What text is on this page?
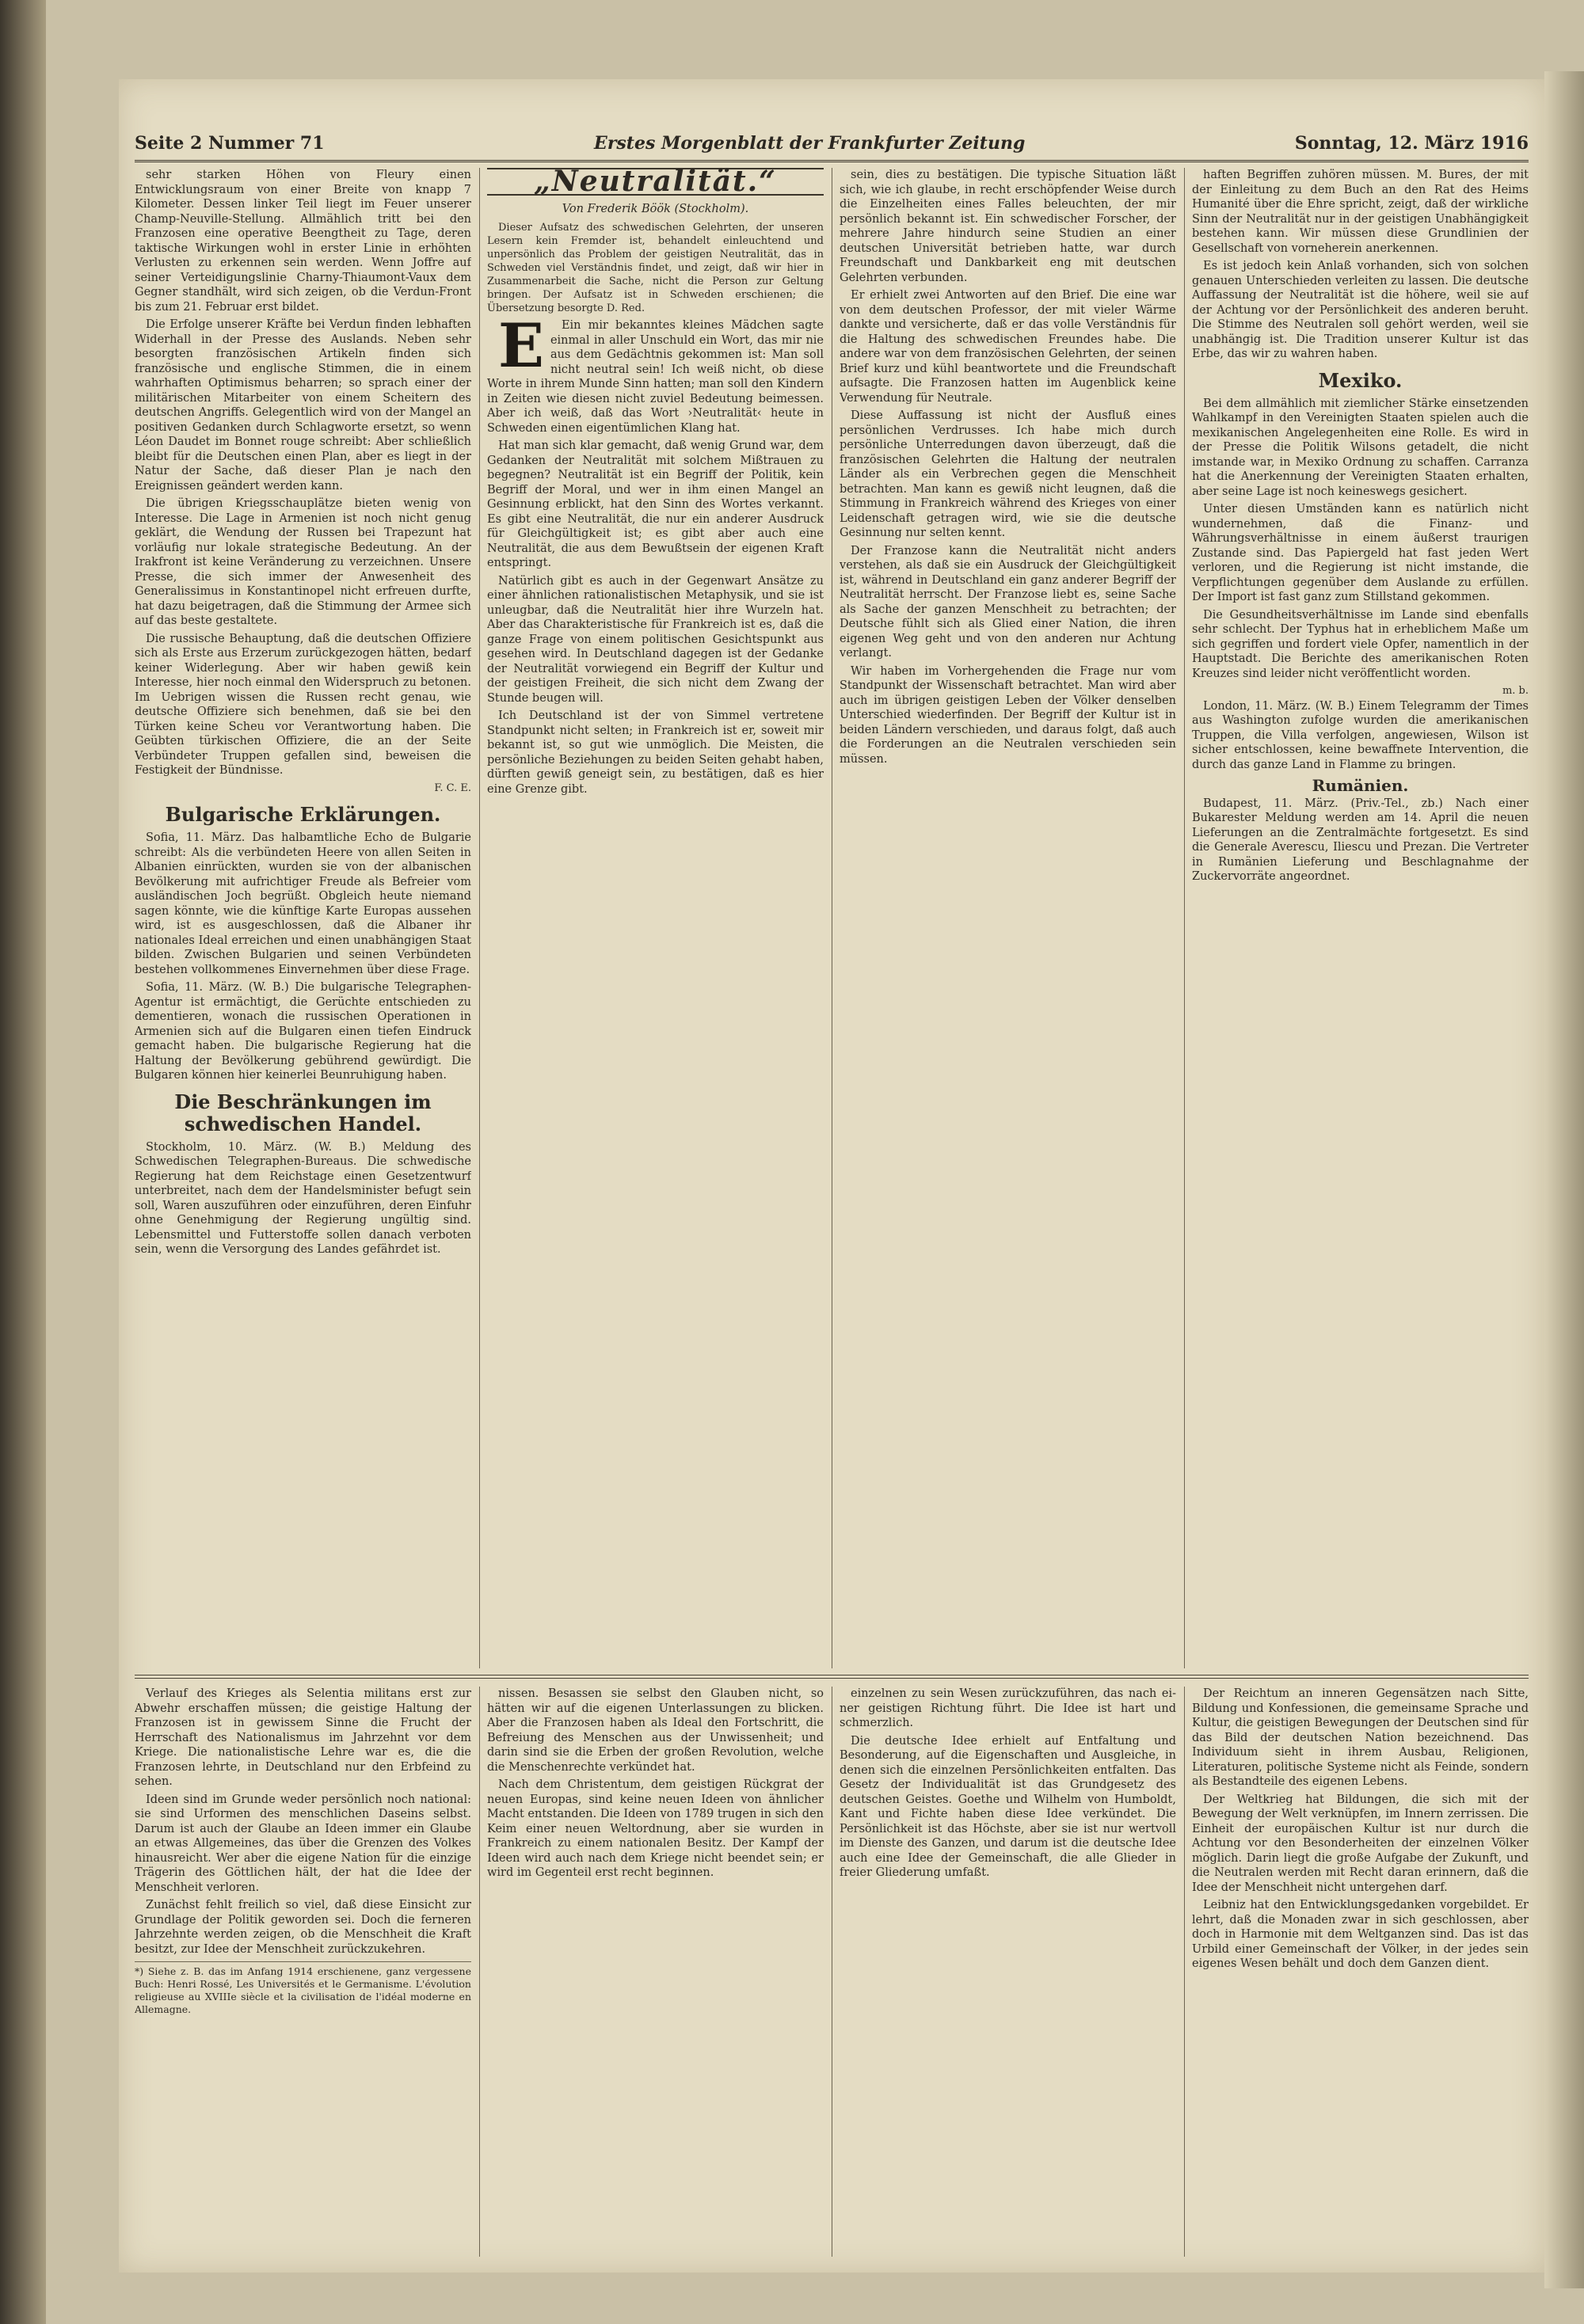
Seite 2 Nummer 71	Erstes Morgenblatt der Frankfurter Zeitung	Sonntag, 12. März 1916

sehr starken Höhen von Fleury einen Entwicklungsraum von einer Breite von knapp 7 Kilometer. Dessen linker Teil liegt im Feuer unserer Champ-Neuville-Stellung. Allmählich tritt bei den Franzosen eine operative Beengtheit zu Tage, deren taktische Wirkungen wohl in erster Linie in erhöhten Verlusten zu erkennen sein werden. Wenn Joffre auf seiner Verteidigungslinie Charny-Thiaumont-Vaux dem Gegner standhält, wird sich zeigen, ob die Verdun-Front bis zum 21. Februar erst bildet.

Die Erfolge unserer Kräfte bei Verdun finden lebhaften Widerhall in der Presse des Auslands. Neben sehr besorgten französischen Artikeln finden sich französische und englische Stimmen, die in einem wahrhaften Optimismus beharren; so sprach einer der militärischen Mitarbeiter von einem Scheitern des deutschen Angriffs. Gelegentlich wird von der Mangel an positiven Gedanken durch Schlagworte ersetzt, so wenn Léon Daudet im Bonnet rouge schreibt: Aber schließlich bleibt für die Deutschen einen Plan, aber es liegt in der Natur der Sache, daß dieser Plan je nach den Ereignissen geändert werden kann.

Die übrigen Kriegsschauplätze bieten wenig von Interesse. Die Lage in Armenien ist noch nicht genug geklärt, die Wendung der Russen bei Trapezunt hat vorläufig nur lokale strategische Bedeutung. An der Irakfront ist keine Veränderung zu verzeichnen. Unsere Presse, die sich immer der Anwesenheit des Generalissimus in Konstantinopel nicht erfreuen durfte, hat dazu beigetragen, daß die Stimmung der Armee sich auf das beste gestaltete.

Die russische Behauptung, daß die deutschen Offiziere sich als Erste aus Erzerum zurückgezogen hätten, bedarf keiner Widerlegung. Aber wir haben gewiß kein Interesse, hier noch einmal den Widerspruch zu betonen. Im Uebrigen wissen die Russen recht genau, wie deutsche Offiziere sich benehmen, daß sie bei den Türken keine Scheu vor Verantwortung haben. Die Geübten türkischen Offiziere, die an der Seite Verbündeter Truppen gefallen sind, beweisen die Festigkeit der Bündnisse.

F. C. E.
Bulgarische Erklärungen.

Sofia, 11. März. Das halbamtliche Echo de Bulgarie schreibt: Als die verbündeten Heere von allen Seiten in Albanien einrückten, wurden sie von der albanischen Bevölkerung mit aufrichtiger Freude als Befreier vom ausländischen Joch begrüßt. Obgleich heute niemand sagen könnte, wie die künftige Karte Europas aussehen wird, ist es ausgeschlossen, daß die Albaner ihr nationales Ideal erreichen und einen unabhängigen Staat bilden. Zwischen Bulgarien und seinen Verbündeten bestehen vollkommenes Einvernehmen über diese Frage.

Sofia, 11. März. (W. B.) Die bulgarische Telegraphen-Agentur ist ermächtigt, die Gerüchte entschieden zu dementieren, wonach die russischen Operationen in Armenien sich auf die Bulgaren einen tiefen Eindruck gemacht haben. Die bulgarische Regierung hat die Haltung der Bevölkerung gebührend gewürdigt. Die Bulgaren können hier keinerlei Beunruhigung haben.

Die Beschränkungen im schwedischen Handel.

Stockholm, 10. März. (W. B.) Meldung des Schwedischen Telegraphen-Bureaus. Die schwedische Regierung hat dem Reichstage einen Gesetzentwurf unterbreitet, nach dem der Handelsminister befugt sein soll, Waren auszuführen oder einzuführen, deren Einfuhr ohne Genehmigung der Regierung ungültig sind. Lebensmittel und Futterstoffe sollen danach verboten sein, wenn die Versorgung des Landes gefährdet ist.

„Neutralität.“
Von Frederik Böök (Stockholm).

Dieser Aufsatz des schwedischen Gelehrten, der unseren Lesern kein Fremder ist, behandelt einleuchtend und unpersönlich das Problem der geistigen Neutralität, das in Schweden viel Verständnis findet, und zeigt, daß wir hier in Zusammenarbeit die Sache, nicht die Person zur Geltung bringen. Der Aufsatz ist in Schweden erschienen; die Übersetzung besorgte D. Red.

E Ein mir bekanntes kleines Mädchen sagte einmal in aller Unschuld ein Wort, das mir nie aus dem Gedächtnis gekommen ist: Man soll nicht neutral sein! Ich weiß nicht, ob diese Worte in ihrem Munde Sinn hatten; man soll den Kindern in Zeiten wie diesen nicht zuviel Bedeutung beimessen. Aber ich weiß, daß das Wort ›Neutralität‹ heute in Schweden einen eigentümlichen Klang hat.

Hat man sich klar gemacht, daß wenig Grund war, dem Gedanken der Neutralität mit solchem Mißtrauen zu begegnen? Neutralität ist ein Begriff der Politik, kein Begriff der Moral, und wer in ihm einen Mangel an Gesinnung erblickt, hat den Sinn des Wortes verkannt. Es gibt eine Neutralität, die nur ein anderer Ausdruck für Gleichgültigkeit ist; es gibt aber auch eine Neutralität, die aus dem Bewußtsein der eigenen Kraft entspringt.

Natürlich gibt es auch in der Gegenwart Ansätze zu einer ähnlichen rationalistischen Metaphysik, und sie ist unleugbar, daß die Neutralität hier ihre Wurzeln hat. Aber das Charakteristische für Frankreich ist es, daß die ganze Frage von einem politischen Gesichtspunkt aus gesehen wird. In Deutschland dagegen ist der Gedanke der Neutralität vorwiegend ein Begriff der Kultur und der geistigen Freiheit, die sich nicht dem Zwang der Stunde beugen will.

Ich Deutschland ist der von Simmel vertretene Standpunkt nicht selten; in Frankreich ist er, soweit mir bekannt ist, so gut wie unmöglich. Die Meisten, die persönliche Beziehungen zu beiden Seiten gehabt haben, dürften gewiß geneigt sein, zu bestätigen, daß es hier eine Grenze gibt.

sein, dies zu bestätigen. Die typische Situation läßt sich, wie ich glaube, in recht erschöpfender Weise durch die Einzelheiten eines Falles beleuchten, der mir persönlich bekannt ist. Ein schwedischer Forscher, der mehrere Jahre hindurch seine Studien an einer deutschen Universität betrieben hatte, war durch Freundschaft und Dankbarkeit eng mit deutschen Gelehrten verbunden.

Er erhielt zwei Antworten auf den Brief. Die eine war von dem deutschen Professor, der mit vieler Wärme dankte und versicherte, daß er das volle Verständnis für die Haltung des schwedischen Freundes habe. Die andere war von dem französischen Gelehrten, der seinen Brief kurz und kühl beantwortete und die Freundschaft aufsagte. Die Franzosen hatten im Augenblick keine Verwendung für Neutrale.

Diese Auffassung ist nicht der Ausfluß eines persönlichen Verdrusses. Ich habe mich durch persönliche Unterredungen davon überzeugt, daß die französischen Gelehrten die Haltung der neutralen Länder als ein Verbrechen gegen die Menschheit betrachten. Man kann es gewiß nicht leugnen, daß die Stimmung in Frankreich während des Krieges von einer Leidenschaft getragen wird, wie sie die deutsche Gesinnung nur selten kennt.

Der Franzose kann die Neutralität nicht anders verstehen, als daß sie ein Ausdruck der Gleichgültigkeit ist, während in Deutschland ein ganz anderer Begriff der Neutralität herrscht. Der Franzose liebt es, seine Sache als Sache der ganzen Menschheit zu betrachten; der Deutsche fühlt sich als Glied einer Nation, die ihren eigenen Weg geht und von den anderen nur Achtung verlangt.

Wir haben im Vorhergehenden die Frage nur vom Standpunkt der Wissenschaft betrachtet. Man wird aber auch im übrigen geistigen Leben der Völker denselben Unterschied wiederfinden. Der Begriff der Kultur ist in beiden Ländern verschieden, und daraus folgt, daß auch die Forderungen an die Neutralen verschieden sein müssen.

haften Begriffen zuhören müssen. M. Bures, der mit der Einleitung zu dem Buch an den Rat des Heims Humanité über die Ehre spricht, zeigt, daß der wirkliche Sinn der Neutralität nur in der geistigen Unabhängigkeit bestehen kann. Wir müssen diese Grundlinien der Gesellschaft von vorneherein anerkennen.

Es ist jedoch kein Anlaß vorhanden, sich von solchen genauen Unterschieden verleiten zu lassen. Die deutsche Auffassung der Neutralität ist die höhere, weil sie auf der Achtung vor der Persönlichkeit des anderen beruht. Die Stimme des Neutralen soll gehört werden, weil sie unabhängig ist. Die Tradition unserer Kultur ist das Erbe, das wir zu wahren haben.

Mexiko.

Bei dem allmählich mit ziemlicher Stärke einsetzenden Wahlkampf in den Vereinigten Staaten spielen auch die mexikanischen Angelegenheiten eine Rolle. Es wird in der Presse die Politik Wilsons getadelt, die nicht imstande war, in Mexiko Ordnung zu schaffen. Carranza hat die Anerkennung der Vereinigten Staaten erhalten, aber seine Lage ist noch keineswegs gesichert.

Unter diesen Umständen kann es natürlich nicht wundernehmen, daß die Finanz- und Währungsverhältnisse in einem äußerst traurigen Zustande sind. Das Papiergeld hat fast jeden Wert verloren, und die Regierung ist nicht imstande, die Verpflichtungen gegenüber dem Auslande zu erfüllen. Der Import ist fast ganz zum Stillstand gekommen.

Die Gesundheitsverhältnisse im Lande sind ebenfalls sehr schlecht. Der Typhus hat in erheblichem Maße um sich gegriffen und fordert viele Opfer, namentlich in der Hauptstadt. Die Berichte des amerikanischen Roten Kreuzes sind leider nicht veröffentlicht worden.

m. b.

London, 11. März. (W. B.) Einem Telegramm der Times aus Washington zufolge wurden die amerikanischen Truppen, die Villa verfolgen, angewiesen, Wilson ist sicher entschlossen, keine bewaffnete Intervention, die durch das ganze Land in Flamme zu bringen.

Rumänien.

Budapest, 11. März. (Priv.-Tel., zb.) Nach einer Bukarester Meldung werden am 14. April die neuen Lieferungen an die Zentralmächte fortgesetzt. Es sind die Generale Averescu, Iliescu und Prezan. Die Vertreter in Rumänien Lieferung und Beschlagnahme der Zuckervorräte angeordnet.

Verlauf des Krieges als Selentia militans erst zur Abwehr erschaffen müssen; die geistige Haltung der Franzosen ist in gewissem Sinne die Frucht der Herrschaft des Nationalismus im Jahrzehnt vor dem Kriege. Die nationalistische Lehre war es, die die Franzosen lehrte, in Deutschland nur den Erbfeind zu sehen.

Ideen sind im Grunde weder persönlich noch national: sie sind Urformen des menschlichen Daseins selbst. Darum ist auch der Glaube an Ideen immer ein Glaube an etwas Allgemeines, das über die Grenzen des Volkes hinausreicht. Wer aber die eigene Nation für die einzige Trägerin des Göttlichen hält, der hat die Idee der Menschheit verloren.

Zunächst fehlt freilich so viel, daß diese Einsicht zur Grundlage der Politik geworden sei. Doch die ferneren Jahrzehnte werden zeigen, ob die Menschheit die Kraft besitzt, zur Idee der Menschheit zurückzukehren.

*) Siehe z. B. das im Anfang 1914 erschienene, ganz vergessene Buch: Henri Rossé, Les Universités et le Germanisme. L'évolution religieuse au XVIIIe siècle et la civilisation de l'idéal moderne en Allemagne.

nissen. Besassen sie selbst den Glauben nicht, so hätten wir auf die eigenen Unterlassungen zu blicken. Aber die Franzosen haben als Ideal den Fortschritt, die Befreiung des Menschen aus der Unwissenheit; und darin sind sie die Erben der großen Revolution, welche die Menschenrechte verkündet hat.

Nach dem Christentum, dem geistigen Rückgrat der neuen Europas, sind keine neuen Ideen von ähnlicher Macht entstanden. Die Ideen von 1789 trugen in sich den Keim einer neuen Weltordnung, aber sie wurden in Frankreich zu einem nationalen Besitz. Der Kampf der Ideen wird auch nach dem Kriege nicht beendet sein; er wird im Gegenteil erst recht beginnen.

einzelnen zu sein Wesen zurückzuführen, das nach ei-ner geistigen Richtung führt. Die Idee ist hart und schmerzlich.

Die deutsche Idee erhielt auf Entfaltung und Besonderung, auf die Eigenschaften und Ausgleiche, in denen sich die einzelnen Persönlichkeiten entfalten. Das Gesetz der Individualität ist das Grundgesetz des deutschen Geistes. Goethe und Wilhelm von Humboldt, Kant und Fichte haben diese Idee verkündet. Die Persönlichkeit ist das Höchste, aber sie ist nur wertvoll im Dienste des Ganzen, und darum ist die deutsche Idee auch eine Idee der Gemeinschaft, die alle Glieder in freier Gliederung umfaßt.

Der Reichtum an inneren Gegensätzen nach Sitte, Bildung und Konfessionen, die gemeinsame Sprache und Kultur, die geistigen Bewegungen der Deutschen sind für das Bild der deutschen Nation bezeichnend. Das Individuum sieht in ihrem Ausbau, Religionen, Literaturen, politische Systeme nicht als Feinde, sondern als Bestandteile des eigenen Lebens.

Der Weltkrieg hat Bildungen, die sich mit der Bewegung der Welt verknüpfen, im Innern zerrissen. Die Einheit der europäischen Kultur ist nur durch die Achtung vor den Besonderheiten der einzelnen Völker möglich. Darin liegt die große Aufgabe der Zukunft, und die Neutralen werden mit Recht daran erinnern, daß die Idee der Menschheit nicht untergehen darf.

Leibniz hat den Entwicklungsgedanken vorgebildet. Er lehrt, daß die Monaden zwar in sich geschlossen, aber doch in Harmonie mit dem Weltganzen sind. Das ist das Urbild einer Gemeinschaft der Völker, in der jedes sein eigenes Wesen behält und doch dem Ganzen dient.
